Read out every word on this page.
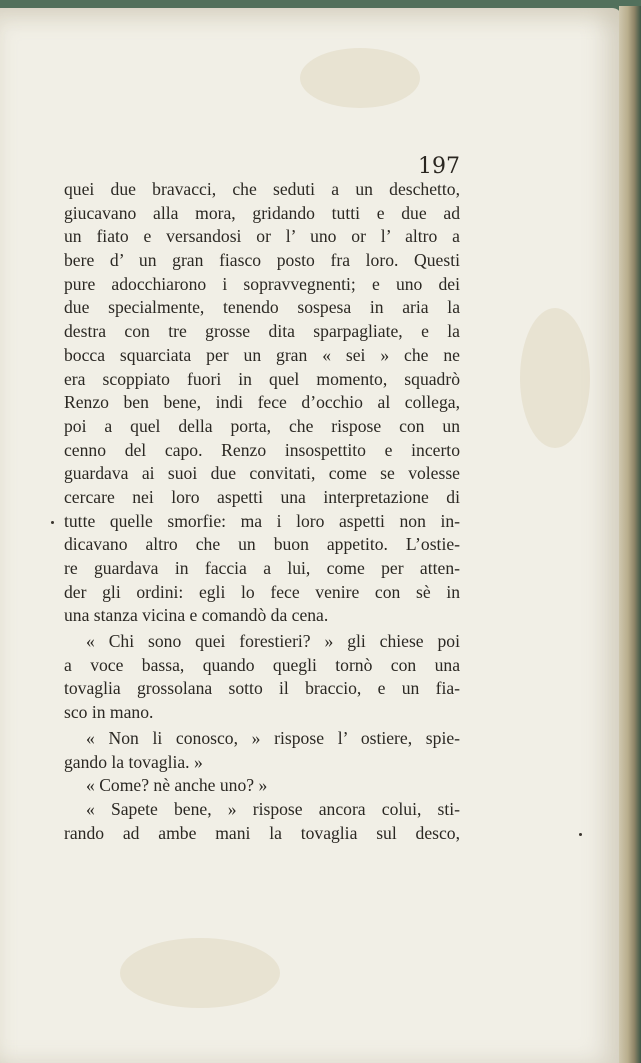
197

quei due bravacci, che seduti a un deschetto,
giucavano alla mora, gridando tutti e due ad
un fiato e versandosi or l’ uno or l’ altro a
bere d’ un gran fiasco posto fra loro. Questi
pure adocchiarono i sopravvegnenti; e uno dei
due specialmente, tenendo sospesa in aria la
destra con tre grosse dita sparpagliate, e la
bocca squarciata per un gran « sei » che ne
era scoppiato fuori in quel momento, squadrò
Renzo ben bene, indi fece d’occhio al collega,
poi a quel della porta, che rispose con un
cenno del capo. Renzo insospettito e incerto
guardava ai suoi due convitati, come se volesse
cercare nei loro aspetti una interpretazione di
tutte quelle smorfie: ma i loro aspetti non in-
dicavano altro che un buon appetito. L’ostie-
re guardava in faccia a lui, come per atten-
der gli ordini: egli lo fece venire con sè in
una stanza vicina e comandò da cena.
« Chi sono quei forestieri? » gli chiese poi
a voce bassa, quando quegli tornò con una
tovaglia grossolana sotto il braccio, e un fia-
sco in mano.
« Non li conosco, » rispose l’ ostiere, spie-
gando la tovaglia. »
« Come? nè anche uno? »
« Sapete bene, » rispose ancora colui, sti-
rando ad ambe mani la tovaglia sul desco,
